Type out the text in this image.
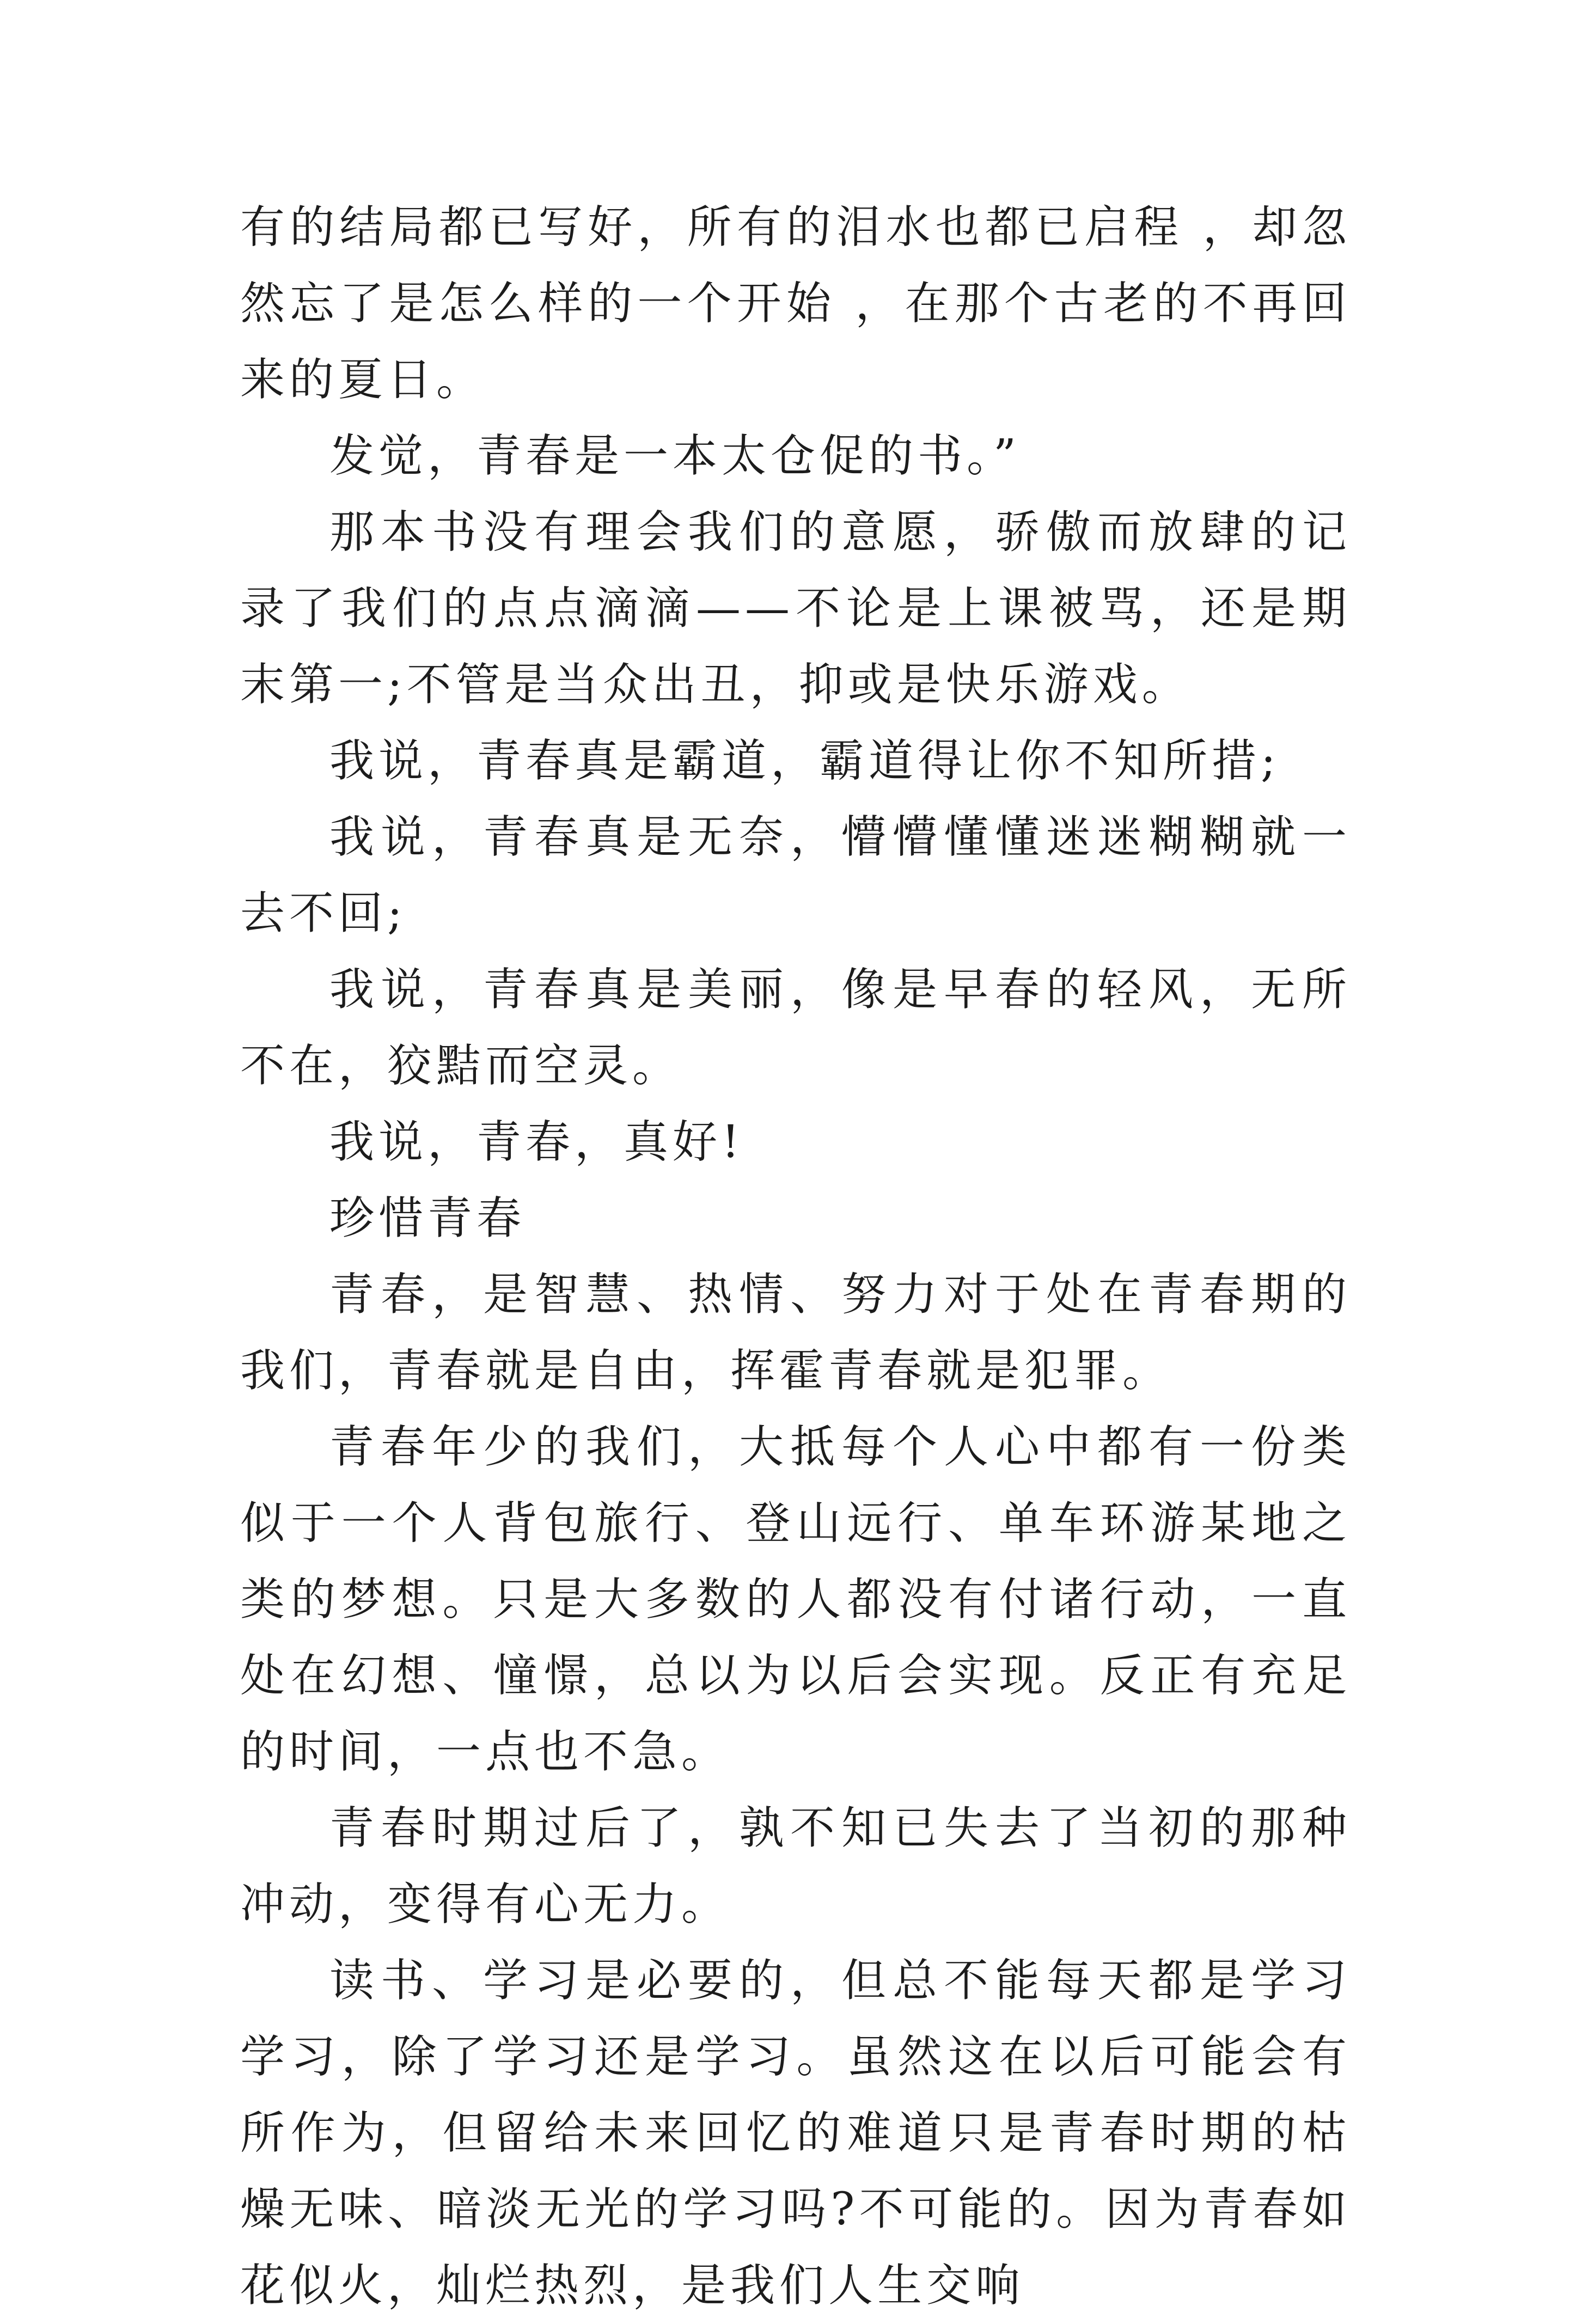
有的结局都已写好，所有的泪水也都已启程 ，却忽然忘了是怎么样的一个开始 ，在那个古老的不再回来的夏日。

发觉，青春是一本太仓促的书。”

那本书没有理会我们的意愿，骄傲而放肆的记录了我们的点点滴滴——不论是上课被骂，还是期末第一;不管是当众出丑，抑或是快乐游戏。

我说，青春真是霸道，霸道得让你不知所措;

我说，青春真是无奈，懵懵懂懂迷迷糊糊就一去不回;

我说，青春真是美丽，像是早春的轻风，无所不在，狡黠而空灵。

我说，青春，真好!

珍惜青春

青春，是智慧、热情、努力对于处在青春期的我们，青春就是自由，挥霍青春就是犯罪。

青春年少的我们，大抵每个人心中都有一份类似于一个人背包旅行、登山远行、单车环游某地之类的梦想。只是大多数的人都没有付诸行动，一直处在幻想、憧憬，总以为以后会实现。反正有充足的时间，一点也不急。

青春时期过后了，孰不知已失去了当初的那种冲动，变得有心无力。

读书、学习是必要的，但总不能每天都是学习学习，除了学习还是学习。虽然这在以后可能会有所作为，但留给未来回忆的难道只是青春时期的枯燥无味、暗淡无光的学习吗?不可能的。因为青春如花似火，灿烂热烈，是我们人生交响
